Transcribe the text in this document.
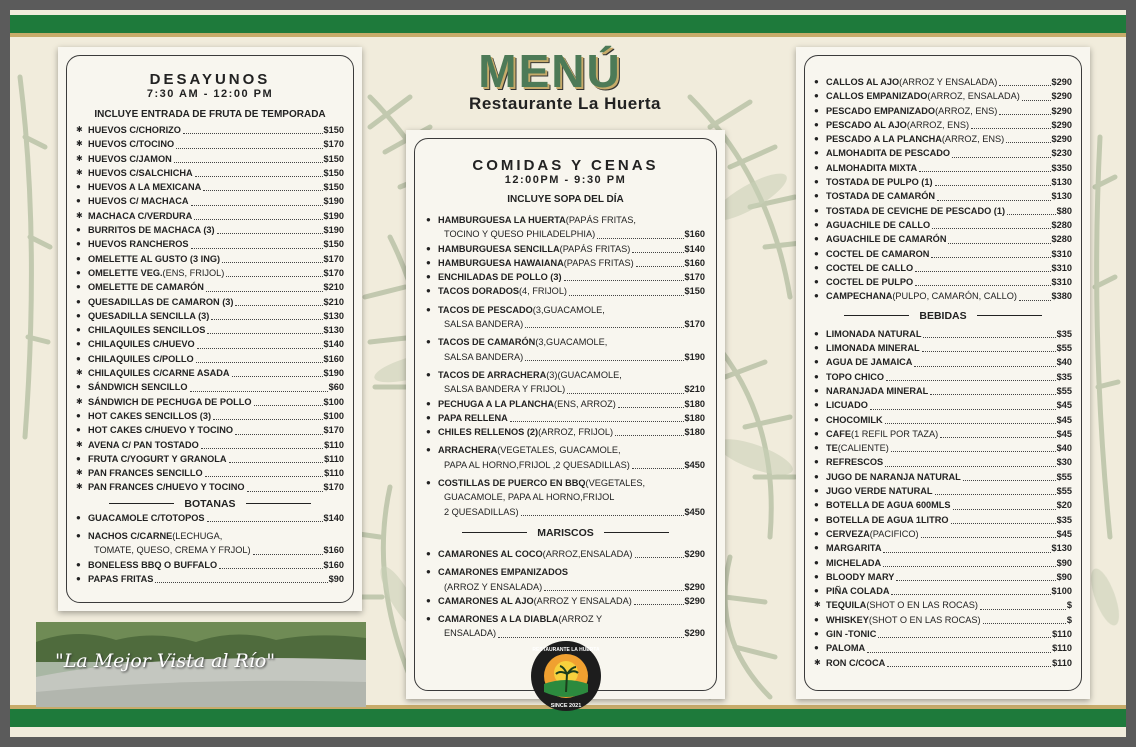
MENÚ
Restaurante La Huerta
DESAYUNOS
7:30 AM - 12:00 PM
INCLUYE ENTRADA DE FRUTA DE TEMPORADA
✱ HUEVOS C/CHORIZO	$150
✱ HUEVOS C/TOCINO	$170
✱ HUEVOS C/JAMON	$150
✱ HUEVOS C/SALCHICHA	$150
● HUEVOS A LA MEXICANA	$150
● HUEVOS C/ MACHACA	$190
✱ MACHACA C/VERDURA	$190
● BURRITOS DE MACHACA (3)	$190
● HUEVOS RANCHEROS	$150
● OMELETTE AL GUSTO (3 ING)	$170
● OMELETTE VEG. (ENS, FRIJOL)	$170
● OMELETTE DE CAMARÓN	$210
● QUESADILLAS DE CAMARON (3)	$210
● QUESADILLA SENCILLA (3)	$130
● CHILAQUILES SENCILLOS	$130
● CHILAQUILES C/HUEVO	$140
● CHILAQUILES C/POLLO	$160
✱ CHILAQUILES C/CARNE ASADA	$190
● SÁNDWICH SENCILLO	$60
✱ SÁNDWICH DE PECHUGA DE POLLO	$100
● HOT CAKES SENCILLOS (3)	$100
● HOT CAKES C/HUEVO Y TOCINO	$170
✱ AVENA C/ PAN TOSTADO	$110
● FRUTA C/YOGURT Y GRANOLA	$110
✱ PAN FRANCES SENCILLO	$110
✱ PAN FRANCES C/HUEVO Y TOCINO	$170
BOTANAS
● GUACAMOLE C/TOTOPOS	$140
● NACHOS C/CARNE (LECHUGA,
TOMATE, QUESO, CREMA Y FRJOL)	$160
● BONELESS BBQ O BUFFALO	$160
● PAPAS FRITAS	$90
"La Mejor Vista al Río"
COMIDAS Y CENAS
12:00PM - 9:30 PM
INCLUYE SOPA DEL DÍA
● HAMBURGUESA LA HUERTA (PAPÁS FRITAS,
TOCINO Y QUESO PHILADELPHIA)	$160
● HAMBURGUESA SENCILLA (PAPÁS FRITAS)	$140
● HAMBURGUESA HAWAIANA (PAPAS FRITAS)	$160
● ENCHILADAS DE POLLO (3)	$170
● TACOS DORADOS (4, FRIJOL)	$150
● TACOS DE PESCADO (3,GUACAMOLE,
SALSA BANDERA)	$170
● TACOS DE CAMARÓN (3,GUACAMOLE,
SALSA BANDERA)	$190
● TACOS DE ARRACHERA (3)(GUACAMOLE,
SALSA BANDERA Y FRIJOL)	$210
● PECHUGA A LA PLANCHA (ENS, ARROZ)	$180
● PAPA RELLENA	$180
● CHILES RELLENOS (2) (ARROZ, FRIJOL)	$180
● ARRACHERA (VEGETALES, GUACAMOLE,
PAPA AL HORNO,FRIJOL ,2 QUESADILLAS)	$450
● COSTILLAS DE PUERCO EN BBQ (VEGETALES,
GUACAMOLE, PAPA AL HORNO,FRIJOL
2 QUESADILLAS)	$450
MARISCOS
● CAMARONES AL COCO (ARROZ,ENSALADA)	$290
● CAMARONES EMPANIZADOS
(ARROZ Y ENSALADA)	$290
● CAMARONES AL AJO (ARROZ Y ENSALADA)	$290
● CAMARONES A LA DIABLA (ARROZ Y
ENSALADA)	$290
RESTAURANTE LA HUERTA
SINCE 2021
● CALLOS AL AJO (ARROZ Y ENSALADA)	$290
● CALLOS EMPANIZADO (ARROZ, ENSALADA)	$290
● PESCADO EMPANIZADO (ARROZ, ENS)	$290
● PESCADO AL AJO (ARROZ, ENS)	$290
● PESCADO A LA PLANCHA (ARROZ, ENS)	$290
● ALMOHADITA DE PESCADO	$230
● ALMOHADITA MIXTA	$350
● TOSTADA DE PULPO (1)	$130
● TOSTADA DE CAMARÓN	$130
● TOSTADA DE CEVICHE DE PESCADO (1)	$80
● AGUACHILE DE CALLO	$280
● AGUACHILE DE CAMARÓN	$280
● COCTEL DE CAMARON	$310
● COCTEL DE CALLO	$310
● COCTEL DE PULPO	$310
● CAMPECHANA (PULPO, CAMARÓN, CALLO)	$380
BEBIDAS
● LIMONADA NATURAL	$35
● LIMONADA MINERAL	$55
● AGUA DE JAMAICA	$40
● TOPO CHICO	$35
● NARANJADA MINERAL	$55
● LICUADO	$45
● CHOCOMILK	$45
● CAFE (1 REFIL POR TAZA)	$45
● TE (CALIENTE)	$40
● REFRESCOS	$30
● JUGO DE NARANJA NATURAL	$55
● JUGO VERDE NATURAL	$55
● BOTELLA DE AGUA 600MLS	$20
● BOTELLA DE AGUA 1LITRO	$35
● CERVEZA (PACIFICO)	$45
● MARGARITA	$130
● MICHELADA	$90
● BLOODY MARY	$90
● PIÑA COLADA	$100
✱ TEQUILA (SHOT O EN LAS ROCAS)	$
● WHISKEY (SHOT O EN LAS ROCAS)	$
● GIN -TONIC	$110
● PALOMA	$110
✱ RON C/COCA	$110
